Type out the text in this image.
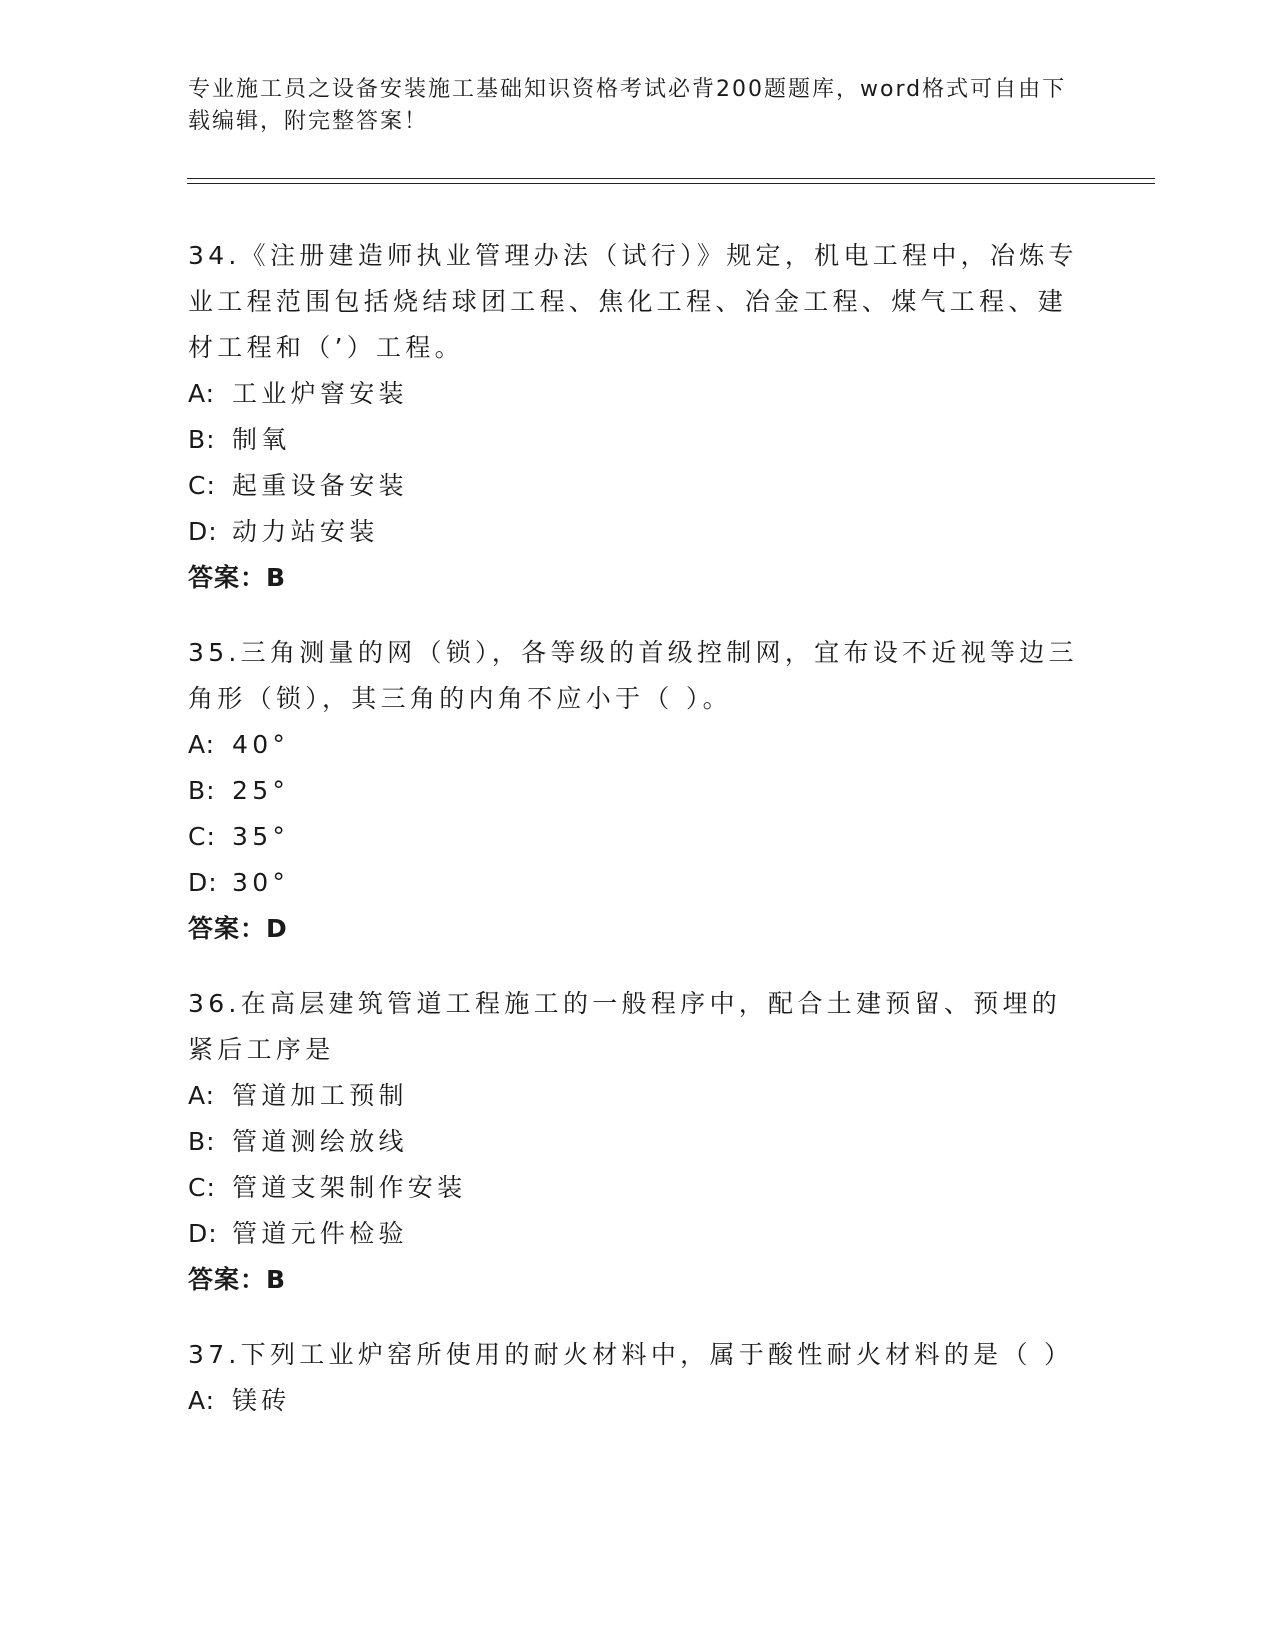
专业施工员之设备安装施工基础知识资格考试必背200题题库，word格式可自由下载编辑，附完整答案！

34.《注册建造师执业管理办法（试行）》规定，机电工程中，冶炼专业工程范围包括烧结球团工程、焦化工程、冶金工程、煤气工程、建材工程和（’）工程。

A: 工业炉窨安装

B: 制氧

C: 起重设备安装

D: 动力站安装

答案：B

35.三角测量的网（锁），各等级的首级控制网，宜布设不近视等边三角形（锁），其三角的内角不应小于（ ）。

A: 40°

B: 25°

C: 35°

D: 30°

答案：D

36.在高层建筑管道工程施工的一般程序中，配合土建预留、预埋的紧后工序是

A: 管道加工预制

B: 管道测绘放线

C: 管道支架制作安装

D: 管道元件检验

答案：B

37.下列工业炉窑所使用的耐火材料中，属于酸性耐火材料的是（ ）

A: 镁砖
